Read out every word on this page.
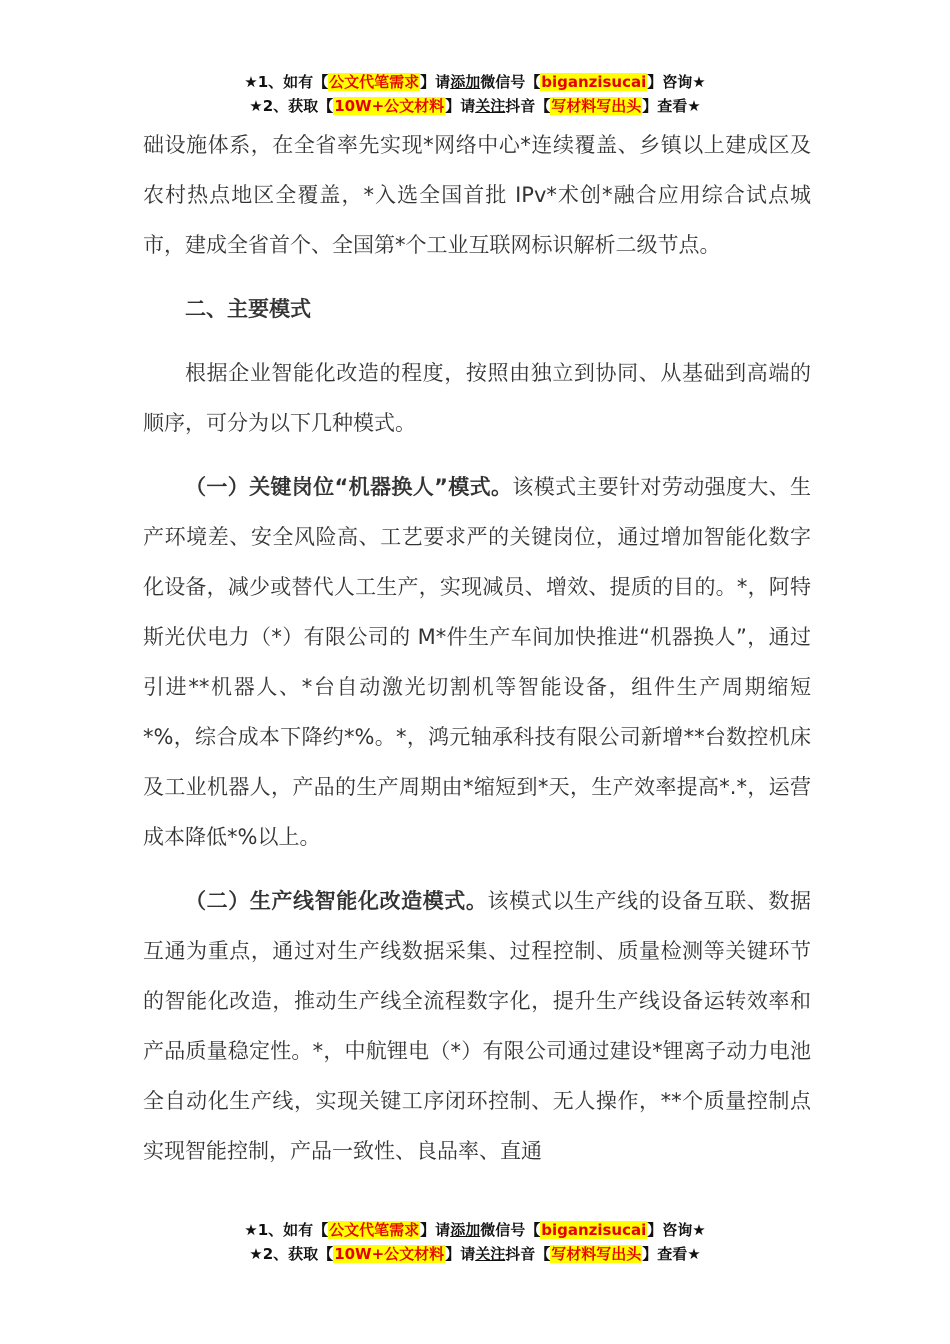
★1、如有【公文代笔需求】请添加微信号【biganzisucai】咨询★
★2、获取【10W+公文材料】请关注抖音【写材料写出头】查看★

础设施体系，在全省率先实现*网络中心*连续覆盖、乡镇以上建成区及农村热点地区全覆盖，*入选全国首批 IPv*术创*融合应用综合试点城市，建成全省首个、全国第*个工业互联网标识解析二级节点。

二、主要模式

根据企业智能化改造的程度，按照由独立到协同、从基础到高端的顺序，可分为以下几种模式。

（一）关键岗位“机器换人”模式。该模式主要针对劳动强度大、生产环境差、安全风险高、工艺要求严的关键岗位，通过增加智能化数字化设备，减少或替代人工生产，实现减员、增效、提质的目的。*，阿特斯光伏电力（*）有限公司的 M*件生产车间加快推进“机器换人”，通过引进**机器人、*台自动激光切割机等智能设备，组件生产周期缩短*%，综合成本下降约*%。*，鸿元轴承科技有限公司新增**台数控机床及工业机器人，产品的生产周期由*缩短到*天，生产效率提高*.*，运营成本降低*%以上。

（二）生产线智能化改造模式。该模式以生产线的设备互联、数据互通为重点，通过对生产线数据采集、过程控制、质量检测等关键环节的智能化改造，推动生产线全流程数字化，提升生产线设备运转效率和产品质量稳定性。*，中航锂电（*）有限公司通过建设*锂离子动力电池全自动化生产线，实现关键工序闭环控制、无人操作，**个质量控制点实现智能控制，产品一致性、良品率、直通

★1、如有【公文代笔需求】请添加微信号【biganzisucai】咨询★
★2、获取【10W+公文材料】请关注抖音【写材料写出头】查看★
